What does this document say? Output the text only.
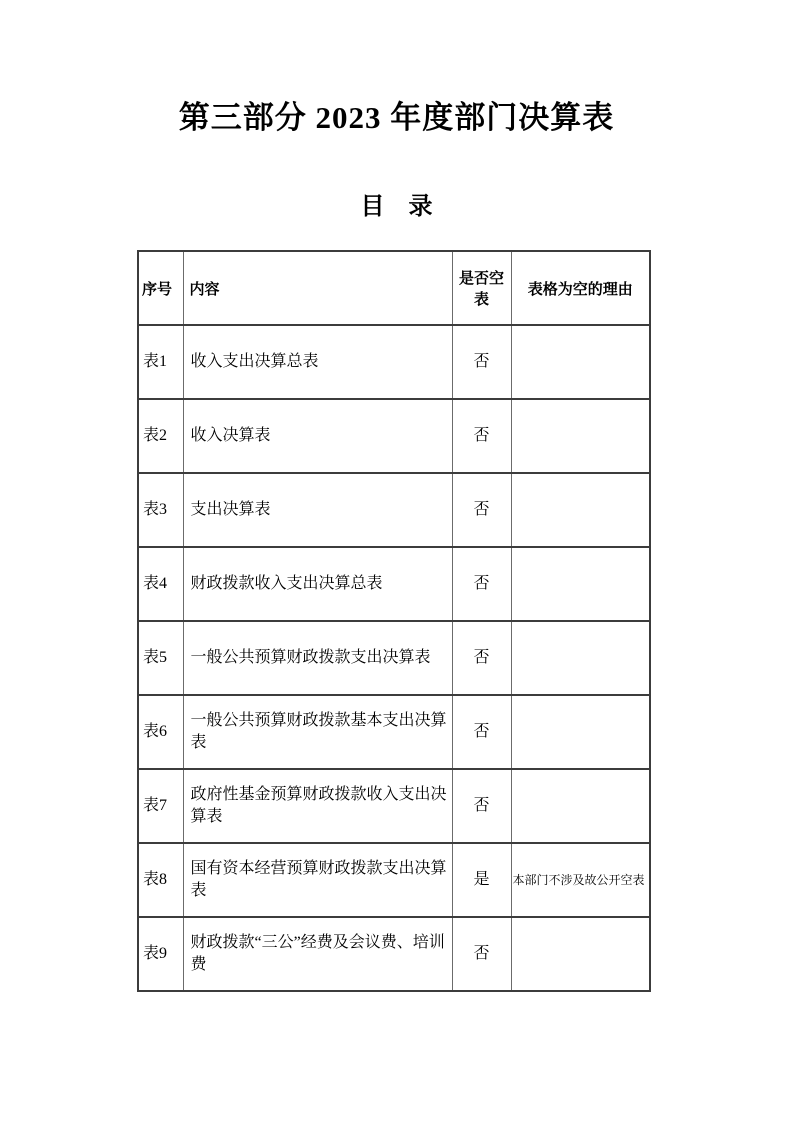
第三部分 2023 年度部门决算表
目　录
序号	内容	是否空表	表格为空的理由
表1	收入支出决算总表	否	
表2	收入决算表	否	
表3	支出决算表	否	
表4	财政拨款收入支出决算总表	否	
表5	一般公共预算财政拨款支出决算表	否	
表6	一般公共预算财政拨款基本支出决算表	否	
表7	政府性基金预算财政拨款收入支出决算表	否	
表8	国有资本经营预算财政拨款支出决算表	是	本部门不涉及故公开空表
表9	财政拨款“三公”经费及会议费、培训费	否	
